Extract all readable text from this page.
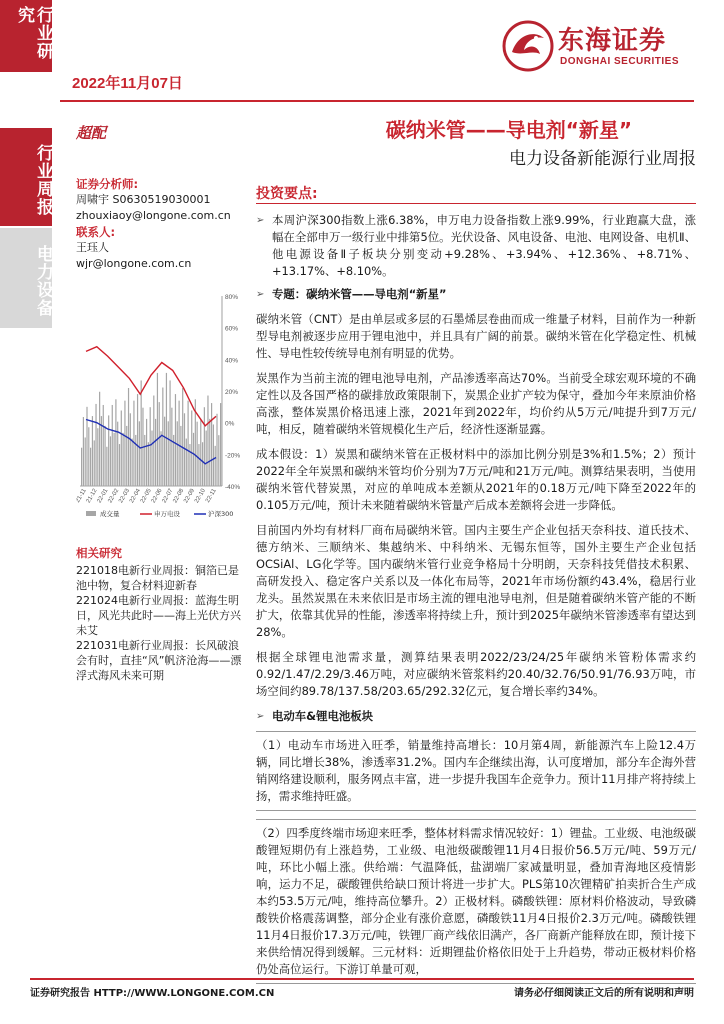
行业研究
行业周报
电力设备
东海证券
DONGHAI SECURITIES
2022年11月07日
超配	碳纳米管——导电剂“新星”
电力设备新能源行业周报
证券分析师:
周啸宇 S0630519030001
zhouxiaoy@longone.com.cn
联系人:
王珏人
wjr@longone.com.cn
-40%
-20%
0%
20%
40%
60%
80%
21-11
21-12
22-01
22-02
22-03
22-04
22-05
22-06
22-07
22-08
22-09
22-10
22-11
成交量	申万电设	沪深300
相关研究
221018电新行业周报：铜箔已是池中物，复合材料迎新春
221024电新行业周报：蓝海生明日，风光共此时——海上光伏方兴未艾
221031电新行业周报：长风破浪会有时，直挂“风”帆济沧海——漂浮式海风未来可期
投资要点:
➢ 本周沪深300指数上涨6.38%，申万电力设备指数上涨9.99%，行业跑赢大盘，涨幅在全部申万一级行业中排第5位。光伏设备、风电设备、电池、电网设备、电机Ⅱ、他电源设备Ⅱ子板块分别变动+9.28%、+3.94%、+12.36%、+8.71%、+13.17%、+8.10%。
➢ 专题：碳纳米管——导电剂“新星”
碳纳米管（CNT）是由单层或多层的石墨烯层卷曲而成一维量子材料，目前作为一种新型导电剂被逐步应用于锂电池中，并且具有广阔的前景。碳纳米管在化学稳定性、机械性、导电性较传统导电剂有明显的优势。
炭黑作为当前主流的锂电池导电剂，产品渗透率高达70%。当前受全球宏观环境的不确定性以及各国严格的碳排放政策限制下，炭黑企业扩产较为保守，叠加今年来原油价格高涨，整体炭黑价格迅速上涨，2021年到2022年，均价约从5万元/吨提升到7万元/吨，相反，随着碳纳米管规模化生产后，经济性逐渐显露。
成本假设：1）炭黑和碳纳米管在正极材料中的添加比例分别是3%和1.5%；2）预计2022年全年炭黑和碳纳米管均价分别为7万元/吨和21万元/吨。测算结果表明，当使用碳纳米管代替炭黑，对应的单吨成本差额从2021年的0.18万元/吨下降至2022年的0.105万元/吨，预计未来随着碳纳米管量产后成本差额将会进一步降低。
目前国内外均有材料厂商布局碳纳米管。国内主要生产企业包括天奈科技、道氏技术、德方纳米、三顺纳米、集越纳米、中科纳米、无锡东恒等，国外主要生产企业包括OCSiAl、LG化学等。国内碳纳米管行业竞争格局十分明朗，天奈科技凭借技术积累、高研发投入、稳定客户关系以及一体化布局等，2021年市场份额约43.4%，稳居行业龙头。虽然炭黑在未来依旧是市场主流的锂电池导电剂，但是随着碳纳米管产能的不断扩大，依靠其优异的性能，渗透率将持续上升，预计到2025年碳纳米管渗透率有望达到28%。
根据全球锂电池需求量，测算结果表明2022/23/24/25年碳纳米管粉体需求约0.92/1.47/2.29/3.46万吨，对应碳纳米管浆料约20.40/32.76/50.91/76.93万吨，市场空间约89.78/137.58/203.65/292.32亿元，复合增长率约34%。
➢ 电动车&锂电池板块
（1）电动车市场进入旺季，销量维持高增长：10月第4周，新能源汽车上险12.4万辆，同比增长38%，渗透率31.2%。国内车企继续出海，认可度增加，部分车企海外营销网络建设顺利，服务网点丰富，进一步提升我国车企竞争力。预计11月排产将持续上扬，需求维持旺盛。
（2）四季度终端市场迎来旺季，整体材料需求情况较好：1）锂盐。工业级、电池级碳酸锂短期仍有上涨趋势，工业级、电池级碳酸锂11月4日报价56.5万元/吨、59万元/吨，环比小幅上涨。供给端：气温降低，盐湖端厂家减量明显，叠加青海地区疫情影响，运力不足，碳酸锂供给缺口预计将进一步扩大。PLS第10次锂精矿拍卖折合生产成本约53.5万元/吨，维持高位攀升。2）正极材料。磷酸铁锂：原材料价格波动，导致磷酸铁价格震荡调整，部分企业有涨价意愿，磷酸铁11月4日报价2.3万元/吨。磷酸铁锂11月4日报价17.3万元/吨，铁锂厂商产线依旧满产，各厂商新产能释放在即，预计接下来供给情况得到缓解。三元材料：近期锂盐价格依旧处于上升趋势，带动正极材料价格仍处高位运行。下游订单量可观，
证券研究报告 HTTP://WWW.LONGONE.COM.CN	请务必仔细阅读正文后的所有说明和声明
